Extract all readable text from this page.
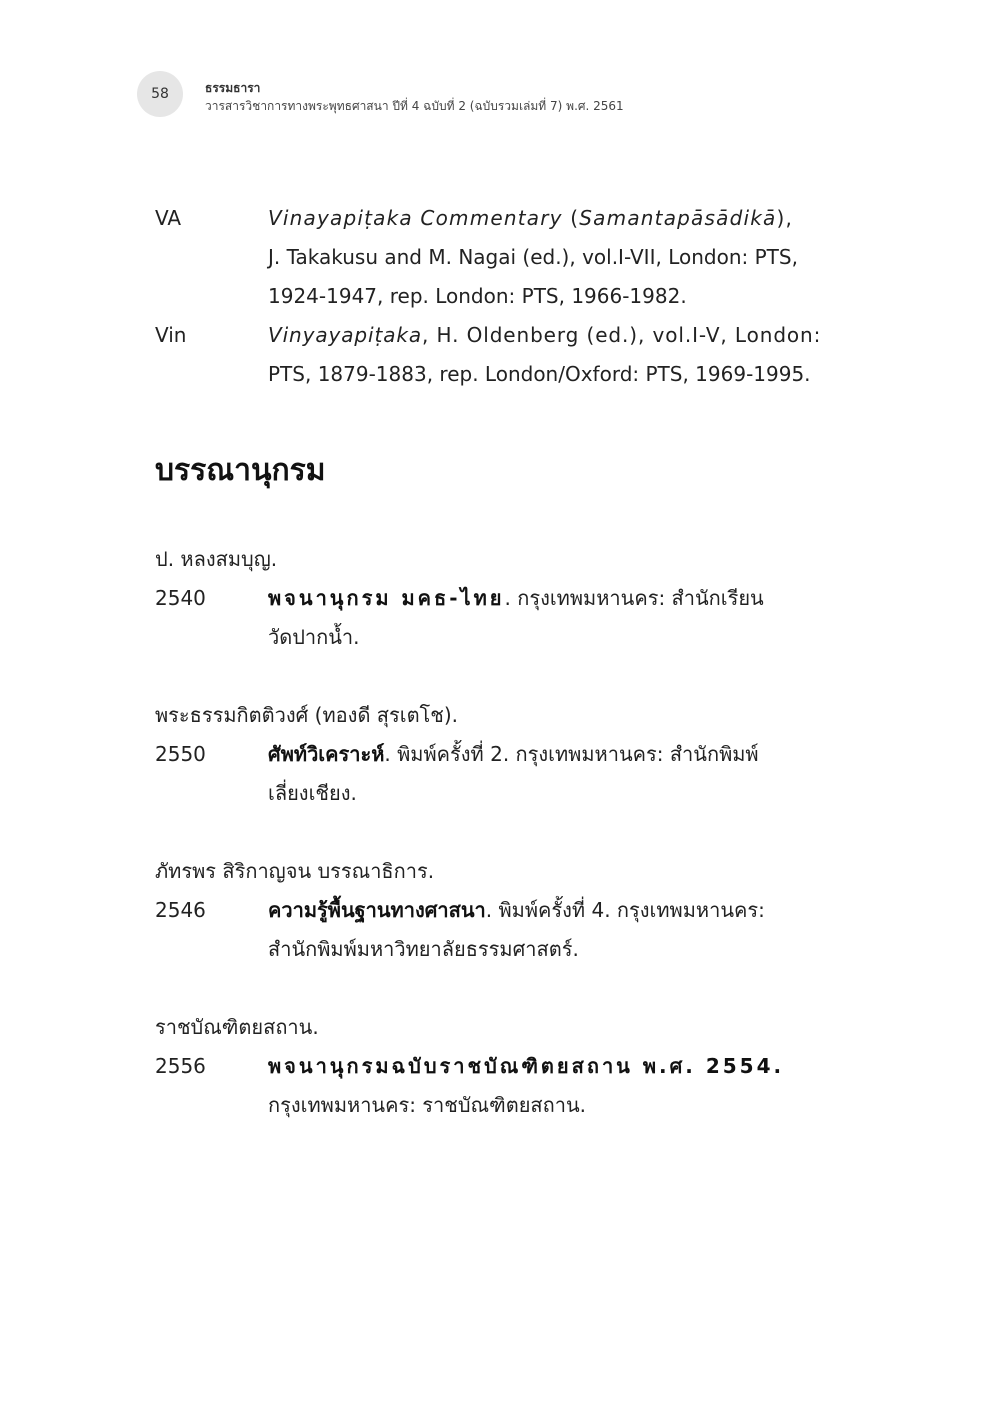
58	ธรรมธารา
วารสารวิชาการทางพระพุทธศาสนา ปีที่ 4 ฉบับที่ 2 (ฉบับรวมเล่มที่ 7) พ.ศ. 2561
VA	Vinayapiṭaka Commentary (Samantapāsādikā),
J. Takakusu and M. Nagai (ed.), vol.I-VII, London: PTS,
1924-1947, rep. London: PTS, 1966-1982.
Vin	Vinyayapiṭaka, H. Oldenberg (ed.), vol.I-V, London:
PTS, 1879-1883, rep. London/Oxford: PTS, 1969-1995.
บรรณานุกรม
ป. หลงสมบุญ.
2540	พจนานุกรม มคธ-ไทย. กรุงเทพมหานคร: สำนักเรียน
วัดปากน้ำ.
พระธรรมกิตติวงศ์ (ทองดี สุรเตโช).
2550	ศัพท์วิเคราะห์. พิมพ์ครั้งที่ 2. กรุงเทพมหานคร: สำนักพิมพ์
เลี่ยงเชียง.
ภัทรพร สิริกาญจน บรรณาธิการ.
2546	ความรู้พื้นฐานทางศาสนา. พิมพ์ครั้งที่ 4. กรุงเทพมหานคร:
สำนักพิมพ์มหาวิทยาลัยธรรมศาสตร์.
ราชบัณฑิตยสถาน.
2556	พจนานุกรมฉบับราชบัณฑิตยสถาน พ.ศ. 2554.
กรุงเทพมหานคร: ราชบัณฑิตยสถาน.
